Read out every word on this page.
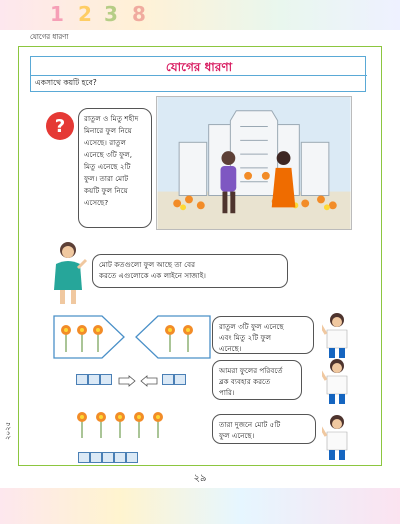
1 2 3 8
যোগের ধারণা
যোগের ধারণা
একসাথে কয়টি হবে?
?	রাতুল ও মিতু শহীদ
মিনারে ফুল নিয়ে
এসেছে। রাতুল
এনেছে ৩টি ফুল,
মিতু এনেছে ২টি
ফুল। তারা মোট
কয়টি ফুল নিয়ে
এসেছে?
মোট কতগুলো ফুল আছে তা বের
করতে এগুলোকে এক লাইনে সাজাই।
রাতুল ৩টি ফুল এনেছে
এবং মিতু ২টি ফুল
এনেছে।
আমরা ফুলের পরিবর্তে
ব্লক ব্যবহার করতে
পারি।
তারা দুজনে মোট ৫টি
ফুল এনেছে।
২৯
২০২৫
